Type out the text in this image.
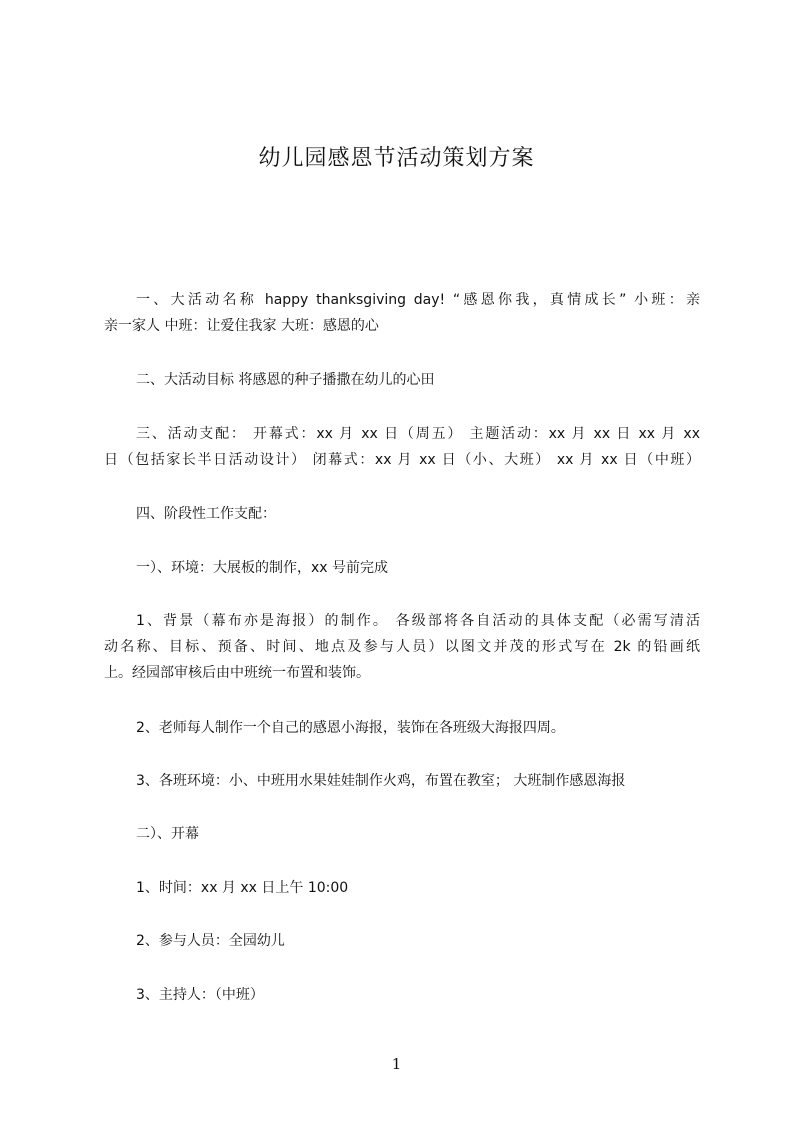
幼儿园感恩节活动策划方案

一、大活动名称 happy thanksgiving day! “感恩你我，真情成长” 小班：亲
亲一家人 中班：让爱住我家 大班：感恩的心

二、大活动目标 将感恩的种子播撒在幼儿的心田

三、活动支配： 开幕式：xx 月 xx 日（周五） 主题活动：xx 月 xx 日 xx 月 xx
日（包括家长半日活动设计） 闭幕式：xx 月 xx 日（小、大班） xx 月 xx 日（中班）

四、阶段性工作支配：

一）、环境：大展板的制作，xx 号前完成

1、背景（幕布亦是海报）的制作。 各级部将各自活动的具体支配（必需写清活
动名称、目标、预备、时间、地点及参与人员）以图文并茂的形式写在 2k 的铅画纸
上。经园部审核后由中班统一布置和装饰。

2、老师每人制作一个自己的感恩小海报，装饰在各班级大海报四周。

3、各班环境：小、中班用水果娃娃制作火鸡，布置在教室； 大班制作感恩海报

二）、开幕

1、时间：xx 月 xx 日上午 10:00

2、参与人员：全园幼儿

3、主持人：（中班）

1
